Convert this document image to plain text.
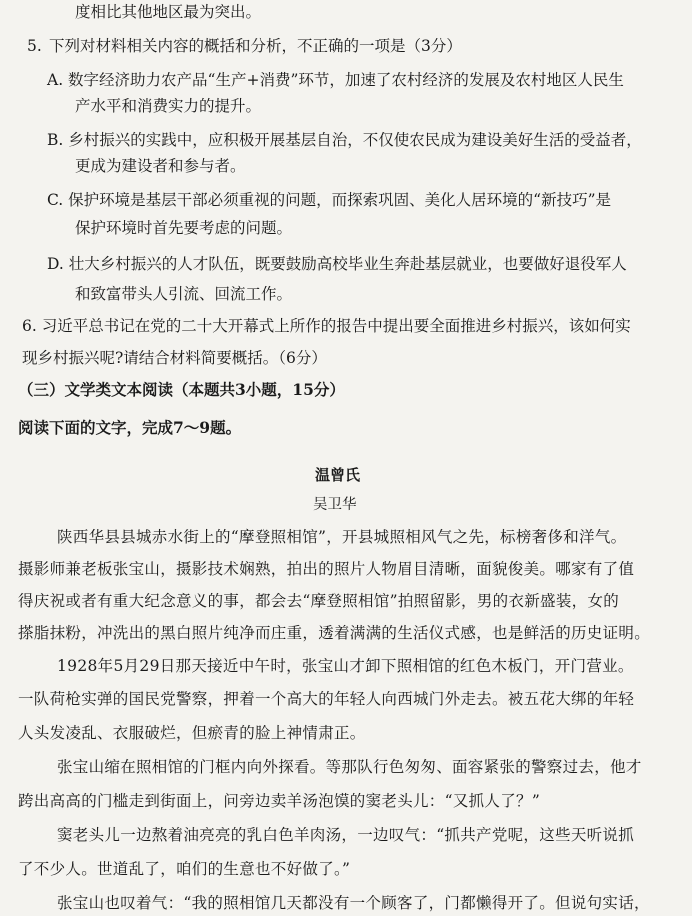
度相比其他地区最为突出。
5. 下列对材料相关内容的概括和分析，不正确的一项是（3分）
A. 数字经济助力农产品“生产+消费”环节，加速了农村经济的发展及农村地区人民生
产水平和消费实力的提升。
B. 乡村振兴的实践中，应积极开展基层自治，不仅使农民成为建设美好生活的受益者，
更成为建设者和参与者。
C. 保护环境是基层干部必须重视的问题，而探索巩固、美化人居环境的“新技巧”是
保护环境时首先要考虑的问题。
D. 壮大乡村振兴的人才队伍，既要鼓励高校毕业生奔赴基层就业，也要做好退役军人
和致富带头人引流、回流工作。
6. 习近平总书记在党的二十大开幕式上所作的报告中提出要全面推进乡村振兴，该如何实
现乡村振兴呢?请结合材料简要概括。（6分）
（三）文学类文本阅读（本题共3小题，15分）
阅读下面的文字，完成7～9题。
温曾氏
吴卫华
陕西华县县城赤水街上的“摩登照相馆”，开县城照相风气之先，标榜奢侈和洋气。
摄影师兼老板张宝山，摄影技术娴熟，拍出的照片人物眉目清晰，面貌俊美。哪家有了值
得庆祝或者有重大纪念意义的事，都会去“摩登照相馆”拍照留影，男的衣新盛装，女的
搽脂抹粉，冲洗出的黑白照片纯净而庄重，透着满满的生活仪式感，也是鲜活的历史证明。
1928年5月29日那天接近中午时，张宝山才卸下照相馆的红色木板门，开门营业。
一队荷枪实弹的国民党警察，押着一个高大的年轻人向西城门外走去。被五花大绑的年轻
人头发凌乱、衣服破烂，但瘀青的脸上神情肃正。
张宝山缩在照相馆的门框内向外探看。等那队行色匆匆、面容紧张的警察过去，他才
跨出高高的门槛走到街面上，问旁边卖羊汤泡馍的窦老头儿：“又抓人了？”
窦老头儿一边熬着油亮亮的乳白色羊肉汤，一边叹气：“抓共产党呢，这些天听说抓
了不少人。世道乱了，咱们的生意也不好做了。”
张宝山也叹着气：“我的照相馆几天都没有一个顾客了，门都懒得开了。但说句实话，
